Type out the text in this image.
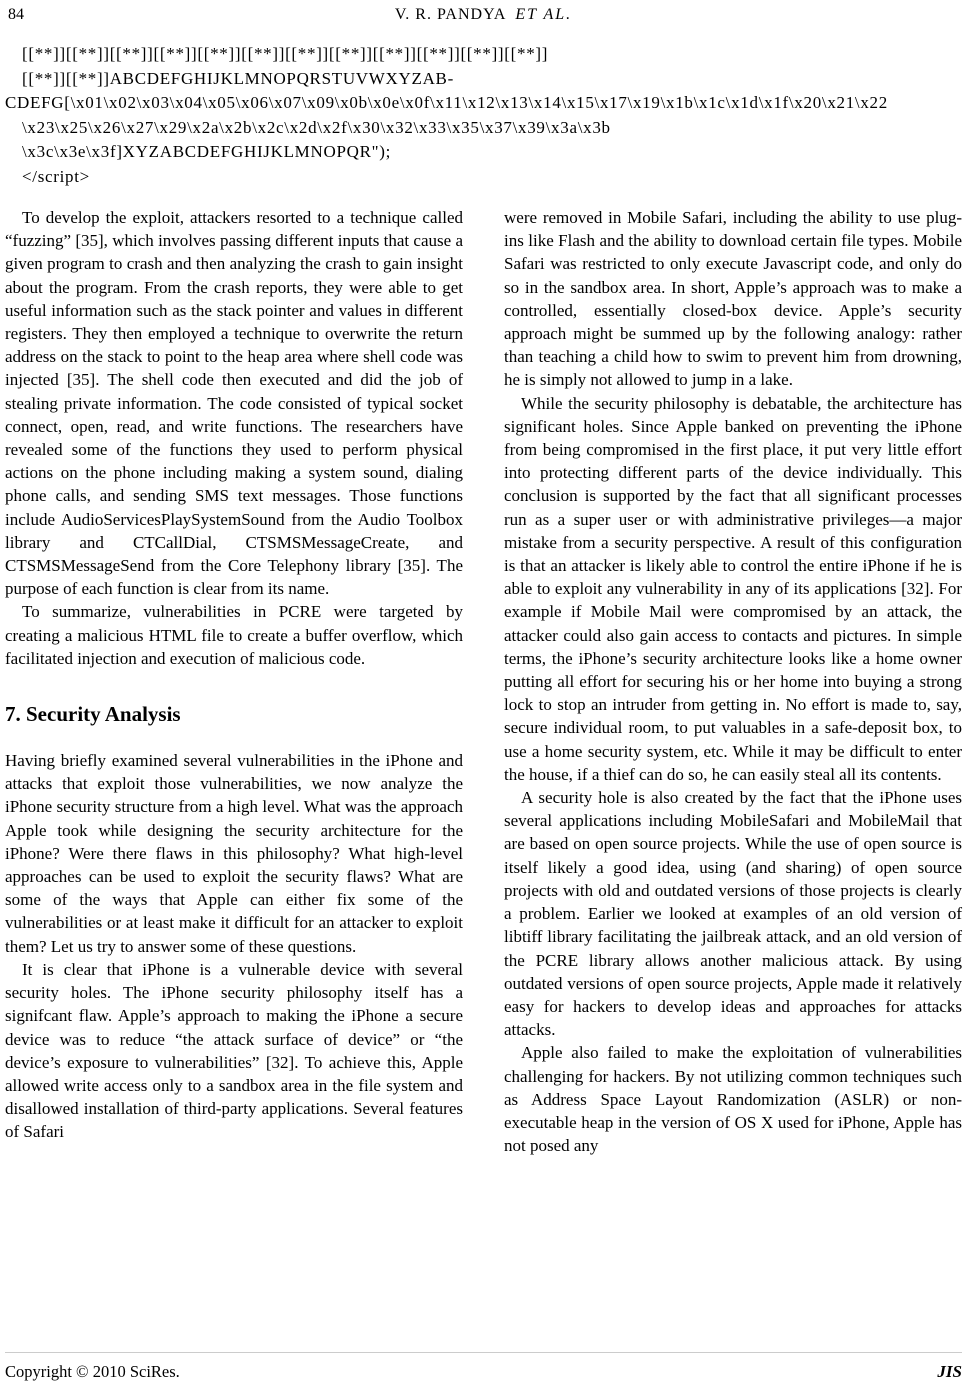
84	V. R. PANDYA ET AL.
[[**]][[**]][[**]][[**]][[**]][[**]][[**]][[**]][[**]][[**]][[**]][[**]]
[[**]][[**]]ABCDEFGHIJKLMNOPQRSTUVWXYZAB-
CDEFG[\x01\x02\x03\x04\x05\x06\x07\x09\x0b\x0e\x0f\x11\x12\x13\x14\x15\x17\x19\x1b\x1c\x1d\x1f\x20\x21\x22
\x23\x25\x26\x27\x29\x2a\x2b\x2c\x2d\x2f\x30\x32\x33\x35\x37\x39\x3a\x3b
\x3c\x3e\x3f]XYZABCDEFGHIJKLMNOPQR");
</script>

To develop the exploit, attackers resorted to a technique called “fuzzing” [35], which involves passing different inputs that cause a given program to crash and then analyzing the crash to gain insight about the program. From the crash reports, they were able to get useful information such as the stack pointer and values in different registers. They then employed a technique to overwrite the return address on the stack to point to the heap area where shell code was injected [35]. The shell code then executed and did the job of stealing private information. The code consisted of typical socket connect, open, read, and write functions. The researchers have revealed some of the functions they used to perform physical actions on the phone including making a system sound, dialing phone calls, and sending SMS text messages. Those functions include AudioServicesPlaySystemSound from the Audio Toolbox library and CTCallDial, CTSMSMessageCreate, and CTSMSMessageSend from the Core Telephony library [35]. The purpose of each function is clear from its name.

To summarize, vulnerabilities in PCRE were targeted by creating a malicious HTML file to create a buffer overflow, which facilitated injection and execution of malicious code.

7. Security Analysis

Having briefly examined several vulnerabilities in the iPhone and attacks that exploit those vulnerabilities, we now analyze the iPhone security structure from a high level. What was the approach Apple took while designing the security architecture for the iPhone? Were there flaws in this philosophy? What high-level approaches can be used to exploit the security flaws? What are some of the ways that Apple can either fix some of the vulnerabilities or at least make it difficult for an attacker to exploit them? Let us try to answer some of these questions.

It is clear that iPhone is a vulnerable device with several security holes. The iPhone security philosophy itself has a signifcant flaw. Apple’s approach to making the iPhone a secure device was to reduce “the attack surface of device” or “the device’s exposure to vulnerabilities” [32]. To achieve this, Apple allowed write access only to a sandbox area in the file system and disallowed installation of third-party applications. Several features of Safari

were removed in Mobile Safari, including the ability to use plug-ins like Flash and the ability to download certain file types. Mobile Safari was restricted to only execute Javascript code, and only do so in the sandbox area. In short, Apple’s approach was to make a controlled, essentially closed-box device. Apple’s security approach might be summed up by the following analogy: rather than teaching a child how to swim to prevent him from drowning, he is simply not allowed to jump in a lake.

While the security philosophy is debatable, the architecture has significant holes. Since Apple banked on preventing the iPhone from being compromised in the first place, it put very little effort into protecting different parts of the device individually. This conclusion is supported by the fact that all significant processes run as a super user or with administrative privileges—a major mistake from a security perspective. A result of this configuration is that an attacker is likely able to control the entire iPhone if he is able to exploit any vulnerability in any of its applications [32]. For example if Mobile Mail were compromised by an attack, the attacker could also gain access to contacts and pictures. In simple terms, the iPhone’s security architecture looks like a home owner putting all effort for securing his or her home into buying a strong lock to stop an intruder from getting in. No effort is made to, say, secure individual room, to put valuables in a safe-deposit box, to use a home security system, etc. While it may be difficult to enter the house, if a thief can do so, he can easily steal all its contents.

A security hole is also created by the fact that the iPhone uses several applications including MobileSafari and MobileMail that are based on open source projects. While the use of open source is itself likely a good idea, using (and sharing) of open source projects with old and outdated versions of those projects is clearly a problem. Earlier we looked at examples of an old version of libtiff library facilitating the jailbreak attack, and an old version of the PCRE library allows another malicious attack. By using outdated versions of open source projects, Apple made it relatively easy for hackers to develop ideas and approaches for attacks attacks.

Apple also failed to make the exploitation of vulnerabilities challenging for hackers. By not utilizing common techniques such as Address Space Layout Randomization (ASLR) or non-executable heap in the version of OS X used for iPhone, Apple has not posed any

Copyright © 2010 SciRes.	JIS
